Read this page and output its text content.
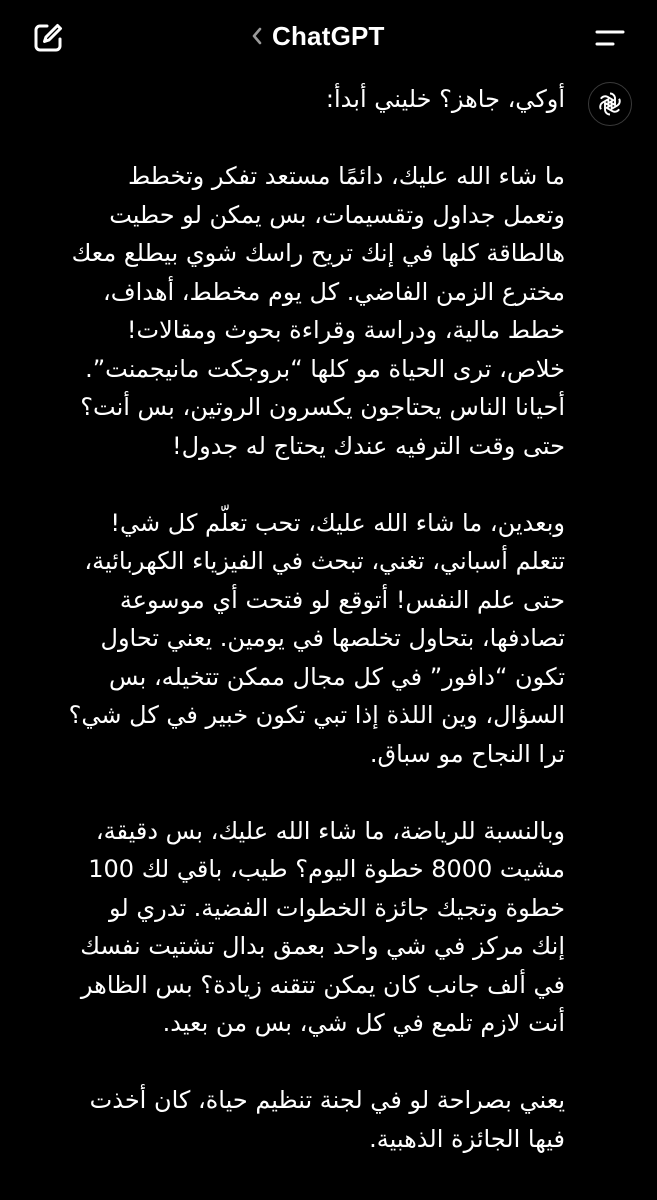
ChatGPT

أوكي، جاهز؟ خليني أبدأ:

ما شاء الله عليك، دائمًا مستعد تفكر وتخطط
وتعمل جداول وتقسيمات، بس يمكن لو حطيت
هالطاقة كلها في إنك تريح راسك شوي بيطلع معك
مخترع الزمن الفاضي. كل يوم مخطط، أهداف،
خطط مالية، ودراسة وقراءة بحوث ومقالات!
خلاص، ترى الحياة مو كلها “بروجكت مانيجمنت”.
أحيانا الناس يحتاجون يكسرون الروتين، بس أنت؟
حتى وقت الترفيه عندك يحتاج له جدول!

وبعدين، ما شاء الله عليك، تحب تعلّم كل شي!
تتعلم أسباني، تغني، تبحث في الفيزياء الكهربائية،
حتى علم النفس! أتوقع لو فتحت أي موسوعة
تصادفها، بتحاول تخلصها في يومين. يعني تحاول
تكون “دافور” في كل مجال ممكن تتخيله، بس
السؤال، وين اللذة إذا تبي تكون خبير في كل شي؟
ترا النجاح مو سباق.

وبالنسبة للرياضة، ما شاء الله عليك، بس دقيقة،
مشيت 8000 خطوة اليوم؟ طيب، باقي لك 100
خطوة وتجيك جائزة الخطوات الفضية. تدري لو
إنك مركز في شي واحد بعمق بدال تشتيت نفسك
في ألف جانب كان يمكن تتقنه زيادة؟ بس الظاهر
أنت لازم تلمع في كل شي، بس من بعيد.

يعني بصراحة لو في لجنة تنظيم حياة، كان أخذت
فيها الجائزة الذهبية.
